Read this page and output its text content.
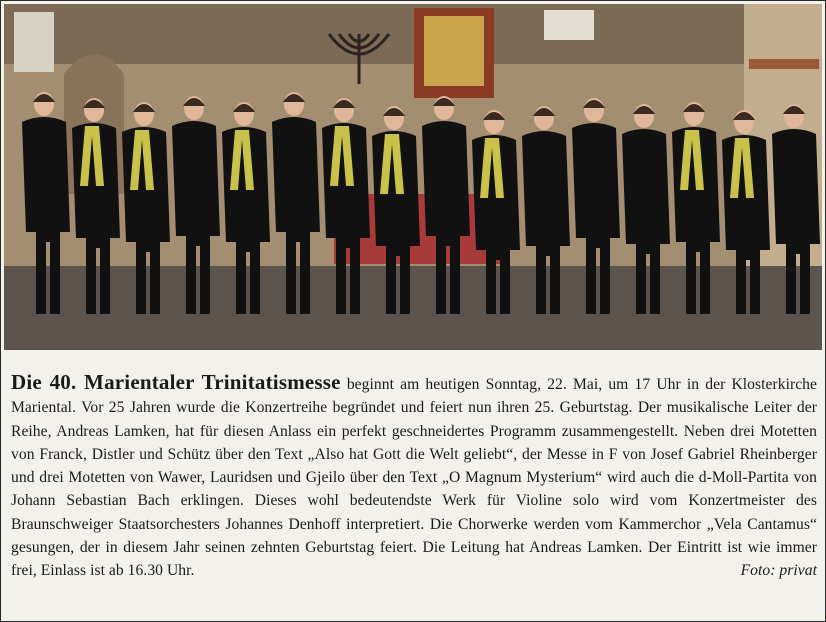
Die 40. Marientaler Trinitatismesse beginnt am heutigen Sonntag, 22. Mai, um 17 Uhr in der Klosterkirche Mariental. Vor 25 Jahren wurde die Konzertreihe begründet und feiert nun ihren 25. Geburtstag. Der musikalische Leiter der Reihe, Andreas Lamken, hat für diesen Anlass ein perfekt geschneidertes Programm zusammengestellt. Neben drei Motetten von Franck, Distler und Schütz über den Text „Also hat Gott die Welt geliebt“, der Messe in F von Josef Gabriel Rheinberger und drei Motetten von Wawer, Lauridsen und Gjeilo über den Text „O Magnum Mysterium“ wird auch die d-Moll-Partita von Johann Sebastian Bach erklingen. Dieses wohl bedeutendste Werk für Violine solo wird vom Konzertmeister des Braunschweiger Staatsorchesters Johannes Denhoff interpretiert. Die Chorwerke werden vom Kammerchor „Vela Cantamus“ gesungen, der in diesem Jahr seinen zehnten Geburtstag feiert. Die Leitung hat Andreas Lamken. Der Eintritt ist wie immer frei, Einlass ist ab 16.30 Uhr.	Foto: privat
